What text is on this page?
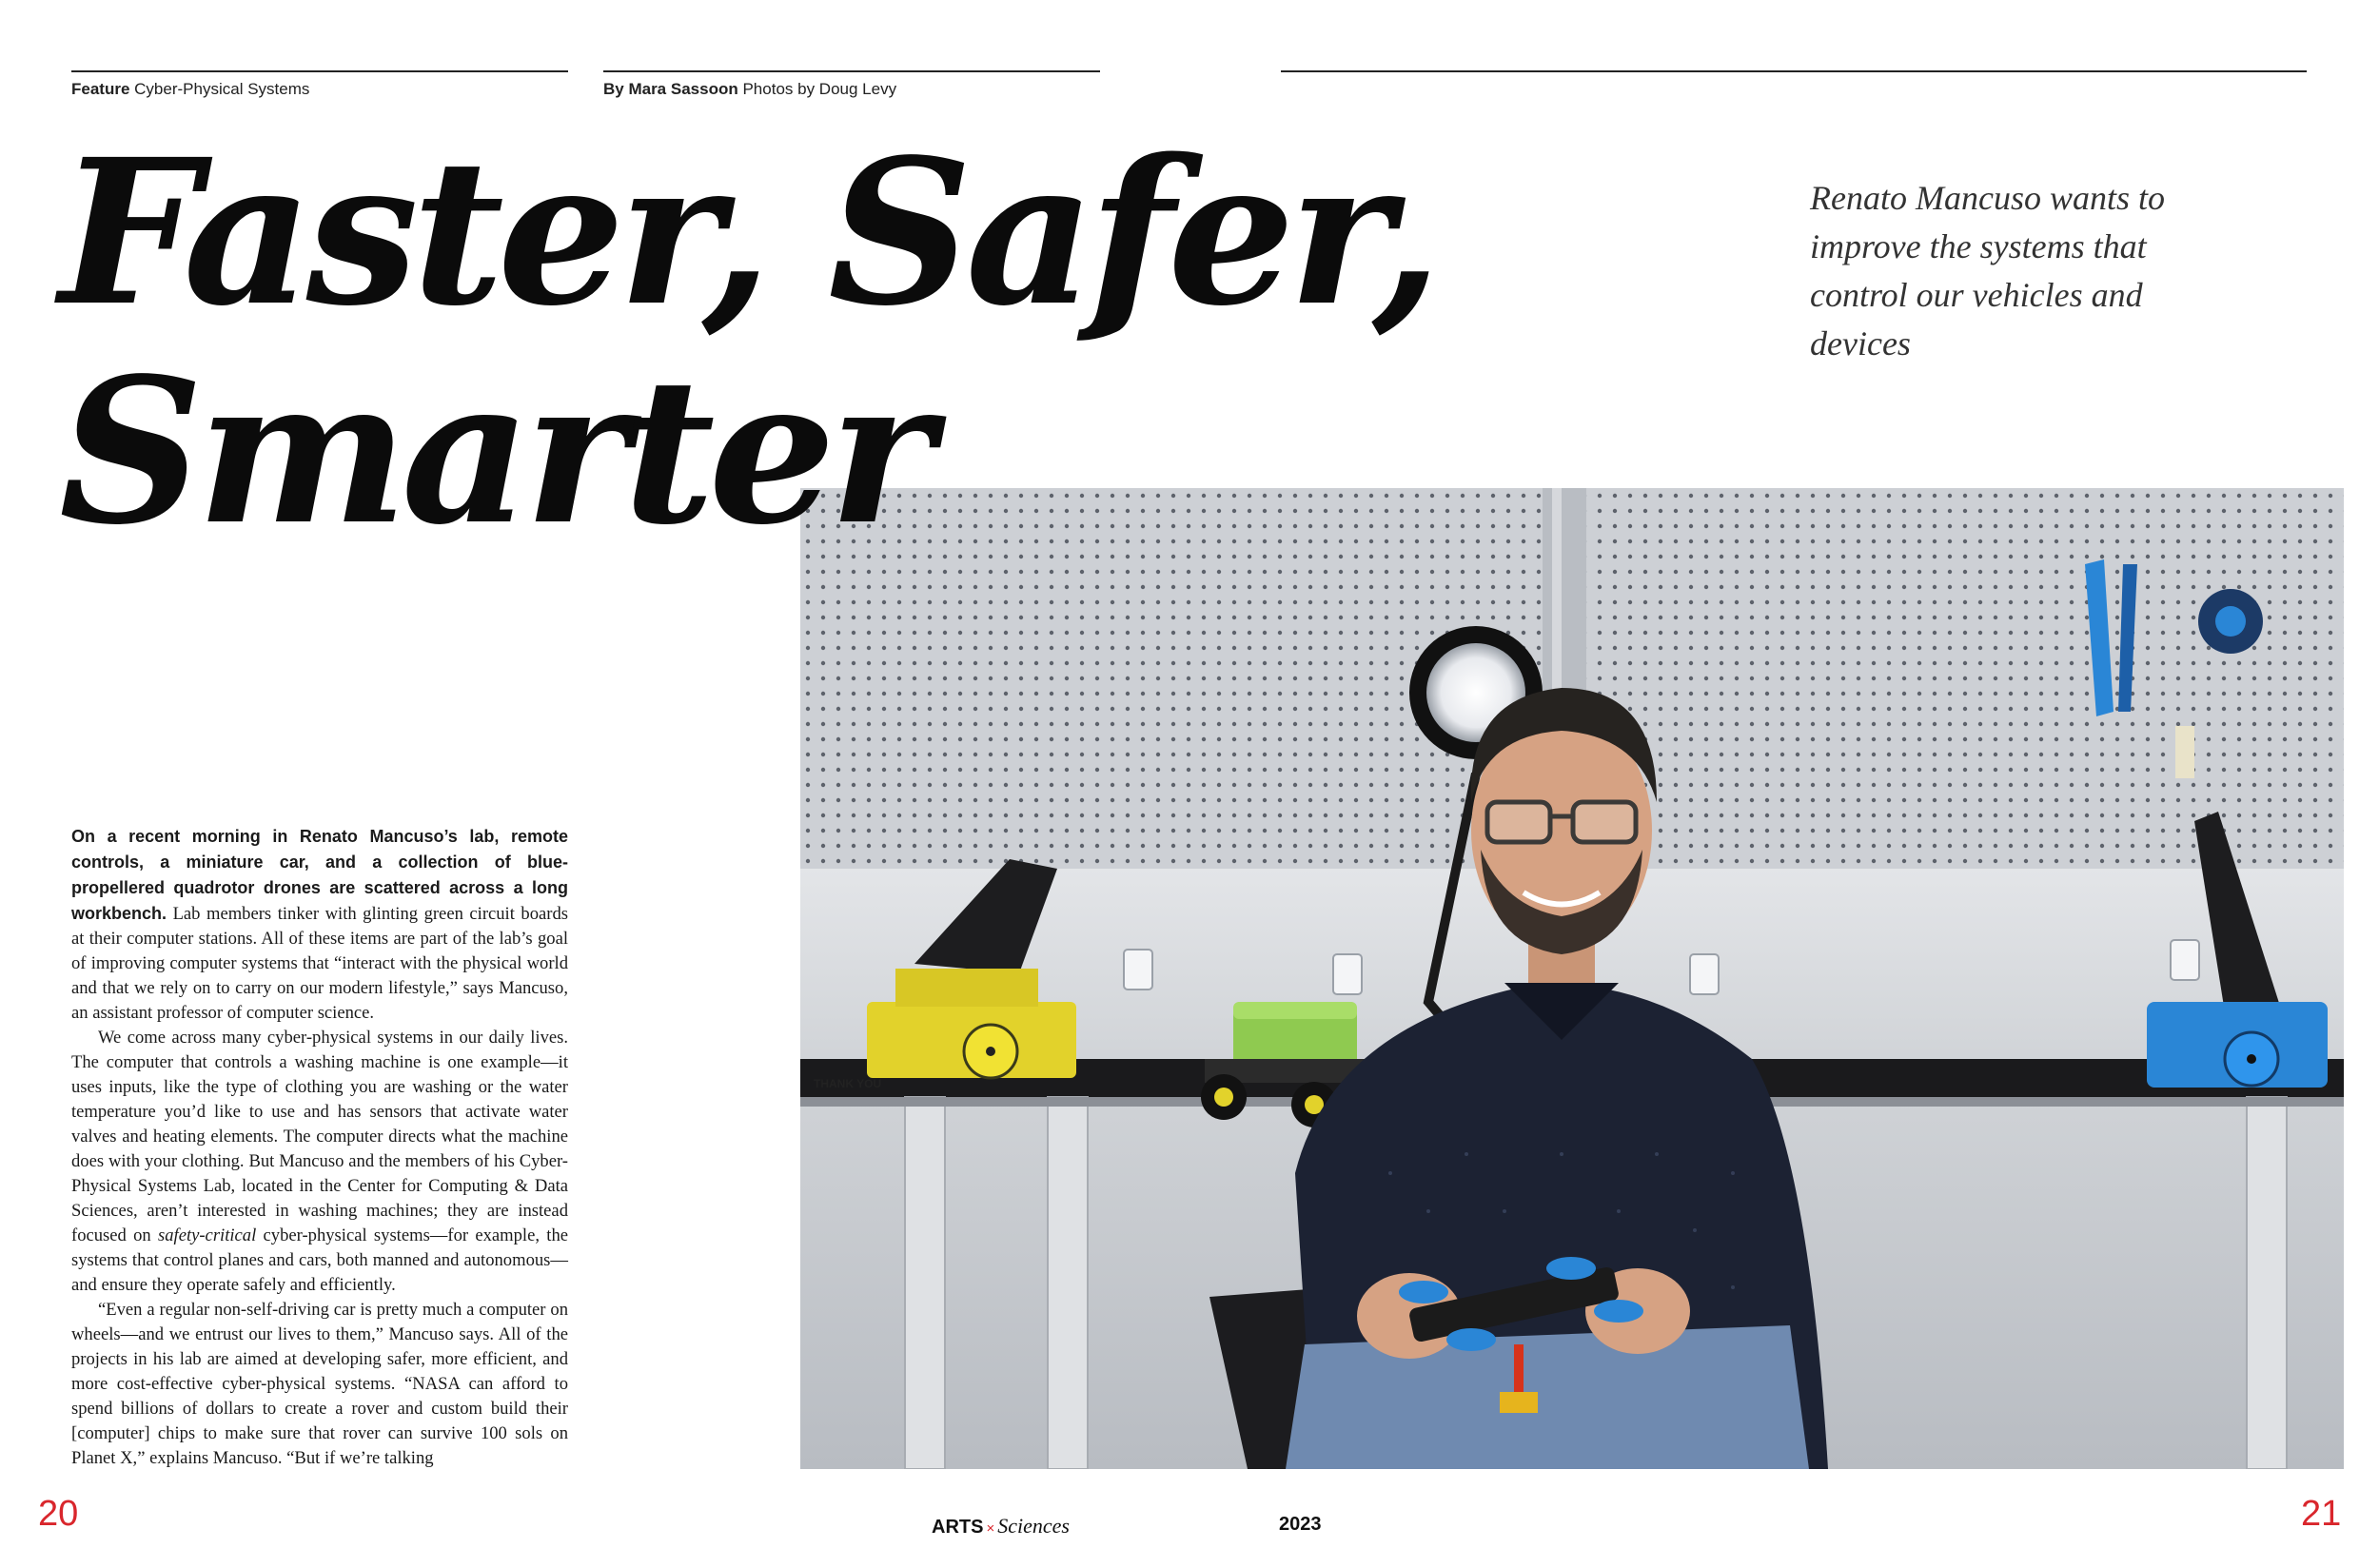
Feature Cyber-Physical Systems	By Mara Sassoon Photos by Doug Levy
Faster, Safer,
Smarter

Renato Mancuso wants to improve the systems that control our vehicles and devices

THANK YOU

On a recent morning in Renato Mancuso’s lab, remote controls, a miniature car, and a collection of blue-propellered quadrotor drones are scattered across a long workbench. Lab members tinker with glinting green circuit boards at their computer stations. All of these items are part of the lab’s goal of improving computer systems that “interact with the physical world and that we rely on to carry on our modern lifestyle,” says Mancuso, an assistant professor of computer science.

We come across many cyber-physical systems in our daily lives. The computer that controls a washing machine is one example—it uses inputs, like the type of clothing you are washing or the water temperature you’d like to use and has sensors that activate water valves and heating elements. The computer directs what the machine does with your clothing. But Mancuso and the members of his Cyber-Physical Systems Lab, located in the Center for Computing & Data Sciences, aren’t interested in washing machines; they are instead focused on safety-critical cyber-physical systems—for example, the systems that control planes and cars, both manned and autonomous—and ensure they operate safely and efficiently.

“Even a regular non-self-driving car is pretty much a computer on wheels—and we entrust our lives to them,” Mancuso says. All of the projects in his lab are aimed at developing safer, more efficient, and more cost-effective cyber-physical systems. “NASA can afford to spend billions of dollars to create a rover and custom build their [computer] chips to make sure that rover can survive 100 sols on Planet X,” explains Mancuso. “But if we’re talking

20	21
ARTS × Sciences	2023
